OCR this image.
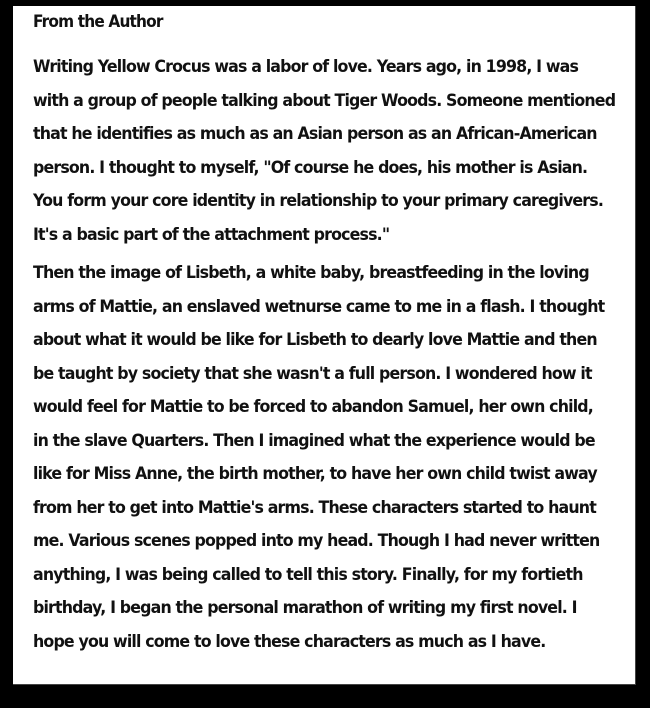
From the Author
Writing Yellow Crocus was a labor of love. Years ago, in 1998, I was
with a group of people talking about Tiger Woods. Someone mentioned
that he identifies as much as an Asian person as an African-American
person. I thought to myself, "Of course he does, his mother is Asian.
You form your core identity in relationship to your primary caregivers.
It's a basic part of the attachment process."
Then the image of Lisbeth, a white baby, breastfeeding in the loving
arms of Mattie, an enslaved wetnurse came to me in a flash. I thought
about what it would be like for Lisbeth to dearly love Mattie and then
be taught by society that she wasn't a full person. I wondered how it
would feel for Mattie to be forced to abandon Samuel, her own child,
in the slave Quarters. Then I imagined what the experience would be
like for Miss Anne, the birth mother, to have her own child twist away
from her to get into Mattie's arms. These characters started to haunt
me. Various scenes popped into my head. Though I had never written
anything, I was being called to tell this story. Finally, for my fortieth
birthday, I began the personal marathon of writing my first novel. I
hope you will come to love these characters as much as I have.
